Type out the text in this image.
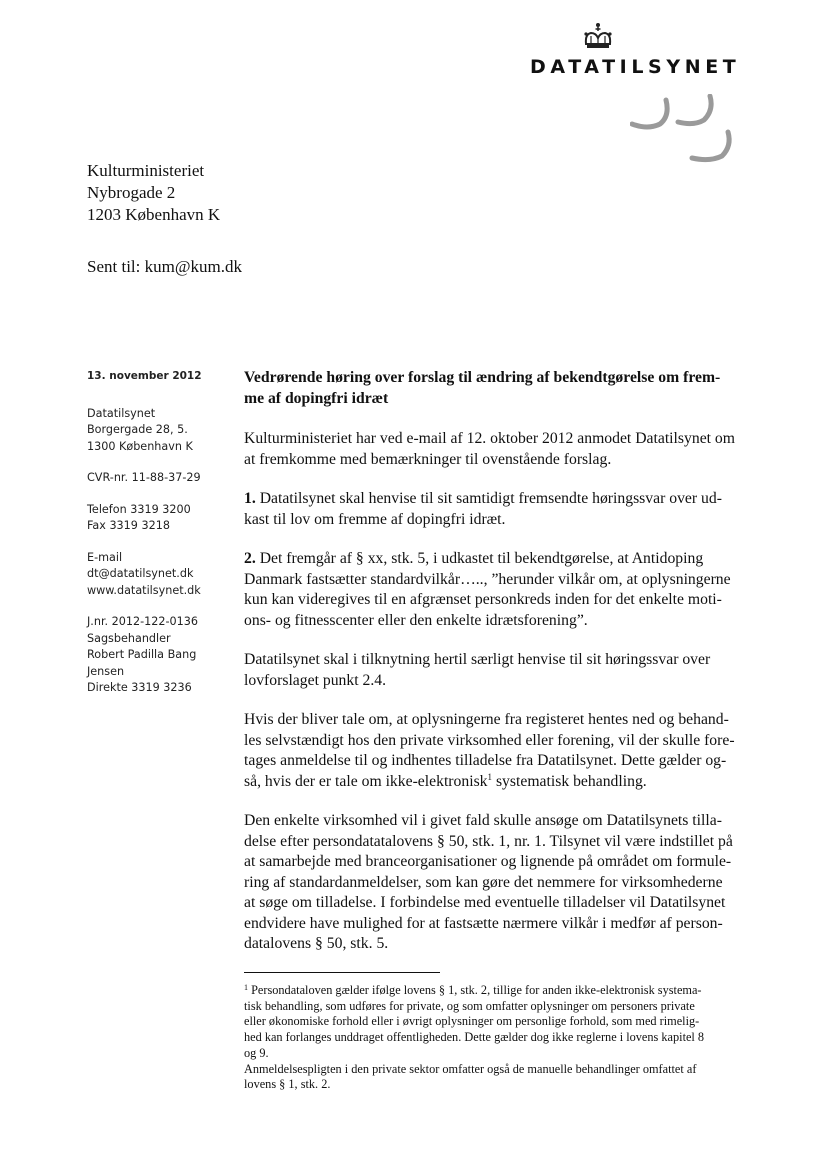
DATATILSYNET
Kulturministeriet
Nybrogade 2
1203 København K
Sent til: kum@kum.dk
13. november 2012
Datatilsynet
Borgergade 28, 5.
1300 København K
CVR-nr. 11-88-37-29
Telefon 3319 3200
Fax 3319 3218
E-mail
dt@datatilsynet.dk
www.datatilsynet.dk
J.nr. 2012-122-0136
Sagsbehandler
Robert Padilla Bang
Jensen
Direkte 3319 3236
Vedrørende høring over forslag til ændring af bekendtgørelse om frem-
me af dopingfri idræt
Kulturministeriet har ved e-mail af 12. oktober 2012 anmodet Datatilsynet om
at fremkomme med bemærkninger til ovenstående forslag.
1. Datatilsynet skal henvise til sit samtidigt fremsendte høringssvar over ud-
kast til lov om fremme af dopingfri idræt.
2. Det fremgår af § xx, stk. 5, i udkastet til bekendtgørelse, at Antidoping
Danmark fastsætter standardvilkår….., ”herunder vilkår om, at oplysningerne
kun kan videregives til en afgrænset personkreds inden for det enkelte moti-
ons- og fitnesscenter eller den enkelte idrætsforening”.
Datatilsynet skal i tilknytning hertil særligt henvise til sit høringssvar over
lovforslaget punkt 2.4.
Hvis der bliver tale om, at oplysningerne fra registeret hentes ned og behand-
les selvstændigt hos den private virksomhed eller forening, vil der skulle fore-
tages anmeldelse til og indhentes tilladelse fra Datatilsynet. Dette gælder og-
så, hvis der er tale om ikke-elektronisk$^1$ systematisk behandling.
Den enkelte virksomhed vil i givet fald skulle ansøge om Datatilsynets tilla-
delse efter persondatatalovens § 50, stk. 1, nr. 1. Tilsynet vil være indstillet på
at samarbejde med branceorganisationer og lignende på området om formule-
ring af standardanmeldelser, som kan gøre det nemmere for virksomhederne
at søge om tilladelse. I forbindelse med eventuelle tilladelser vil Datatilsynet
endvidere have mulighed for at fastsætte nærmere vilkår i medfør af person-
datalovens § 50, stk. 5.
$^1$ Persondataloven gælder ifølge lovens § 1, stk. 2, tillige for anden ikke-elektronisk systema-
tisk behandling, som udføres for private, og som omfatter oplysninger om personers private
eller økonomiske forhold eller i øvrigt oplysninger om personlige forhold, som med rimelig-
hed kan forlanges unddraget offentligheden. Dette gælder dog ikke reglerne i lovens kapitel 8
og 9.
Anmeldelsespligten i den private sektor omfatter også de manuelle behandlinger omfattet af
lovens § 1, stk. 2.
